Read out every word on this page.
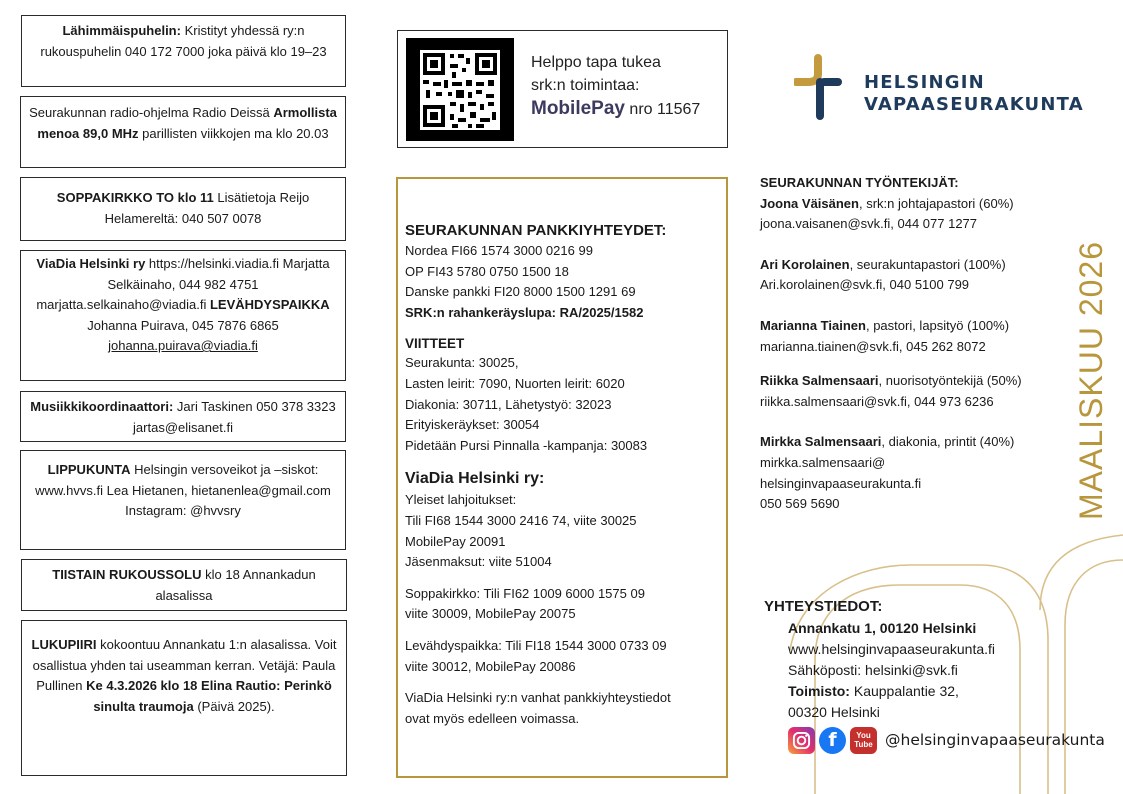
Lähimmäispuhelin: Kristityt yhdessä ry:n rukouspuhelin 040 172 7000 joka päivä klo 19–23
Seurakunnan radio-ohjelma Radio Deissä Armollista menoa 89,0 MHz parillisten viikkojen ma klo 20.03
SOPPAKIRKKO TO klo 11 Lisätietoja Reijo Helamereltä: 040 507 0078
ViaDia Helsinki ry https://helsinki.viadia.fi Marjatta Selkäinaho, 044 982 4751 marjatta.selkainaho@viadia.fi LEVÄHDYSPAIKKA Johanna Puirava, 045 7876 6865 johanna.puirava@viadia.fi
Musiikkikoordinaattori: Jari Taskinen 050 378 3323 jartas@elisanet.fi
LIPPUKUNTA Helsingin versoveikot ja –siskot: www.hvvs.fi Lea Hietanen, hietanenlea@gmail.com Instagram: @hvvsry
TIISTAIN RUKOUSSOLU klo 18 Annankadun alasalissa
LUKUPIIRI kokoontuu Annankatu 1:n alasalissa. Voit osallistua yhden tai useamman kerran. Vetäjä: Paula Pullinen Ke 4.3.2026 klo 18 Elina Rautio: Perinkö sinulta traumoja (Päivä 2025).
Helppo tapa tukea
srk:n toimintaa:
MobilePay nro 11567
SEURAKUNNAN PANKKIYHTEYDET:
Nordea FI66 1574 3000 0216 99
OP FI43 5780 0750 1500 18
Danske pankki FI20 8000 1500 1291 69
SRK:n rahankeräyslupa: RA/2025/1582
VIITTEET
Seurakunta: 30025,
Lasten leirit: 7090, Nuorten leirit: 6020
Diakonia: 30711, Lähetystyö: 32023
Erityiskeräykset: 30054
Pidetään Pursi Pinnalla -kampanja: 30083
ViaDia Helsinki ry:
Yleiset lahjoitukset:
Tili FI68 1544 3000 2416 74, viite 30025
MobilePay 20091
Jäsenmaksut: viite 51004
Soppakirkko: Tili FI62 1009 6000 1575 09
viite 30009, MobilePay 20075
Levähdyspaikka: Tili FI18 1544 3000 0733 09
viite 30012, MobilePay 20086
ViaDia Helsinki ry:n vanhat pankkiyhteystiedot
ovat myös edelleen voimassa.
HELSINGIN
VAPAASEURAKUNTA
SEURAKUNNAN TYÖNTEKIJÄT:
Joona Väisänen, srk:n johtajapastori (60%)
joona.vaisanen@svk.fi, 044 077 1277
Ari Korolainen, seurakuntapastori (100%)
Ari.korolainen@svk.fi, 040 5100 799
Marianna Tiainen, pastori, lapsityö (100%)
marianna.tiainen@svk.fi, 045 262 8072
Riikka Salmensaari, nuorisotyöntekijä (50%)
riikka.salmensaari@svk.fi, 044 973 6236
Mirkka Salmensaari, diakonia, printit (40%)
mirkka.salmensaari@
helsinginvapaaseurakunta.fi
050 569 5690	MAALISKUU 2026
YHTEYSTIEDOT:
Annankatu 1, 00120 Helsinki
www.helsinginvapaaseurakunta.fi
Sähköposti: helsinki@svk.fi
Toimisto: Kauppalantie 32,
00320 Helsinki
f	You
Tube @helsinginvapaaseurakunta
